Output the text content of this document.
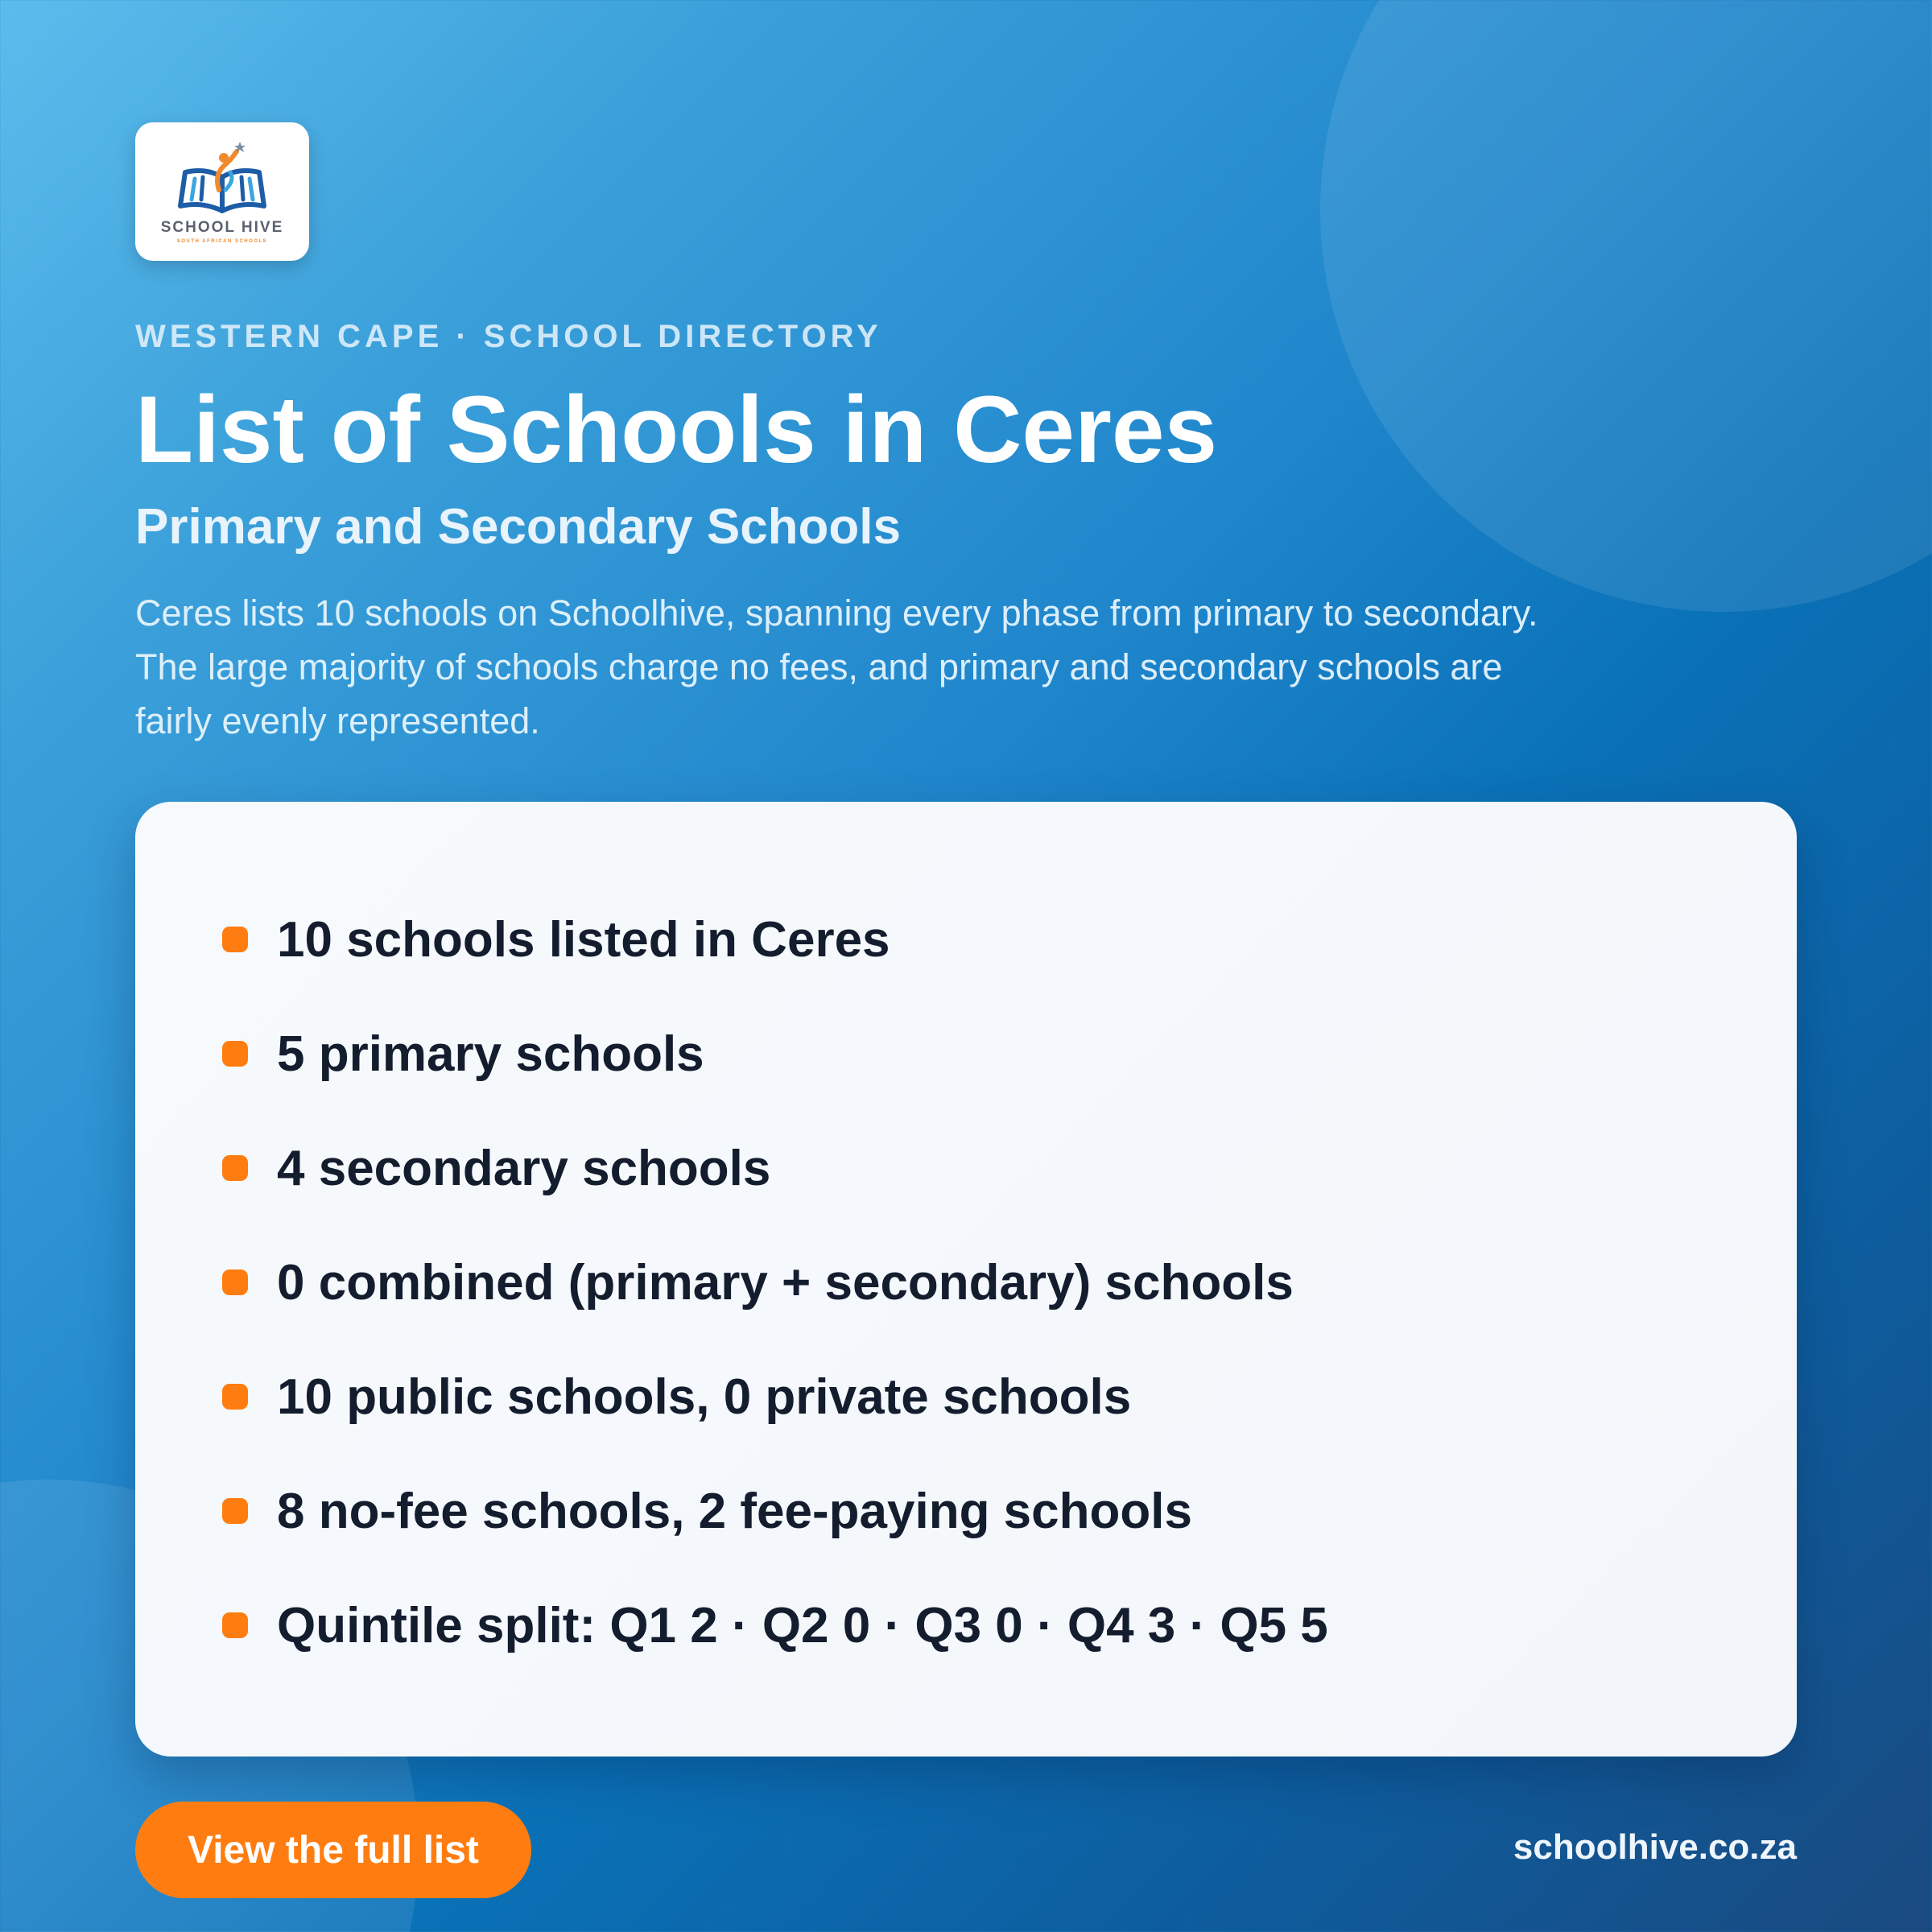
SCHOOL HIVE
SOUTH AFRICAN SCHOOLS
WESTERN CAPE · SCHOOL DIRECTORY
List of Schools in Ceres
Primary and Secondary Schools

Ceres lists 10 schools on Schoolhive, spanning every phase from primary to secondary. The large majority of schools charge no fees, and primary and secondary schools are fairly evenly represented.

10 schools listed in Ceres
5 primary schools
4 secondary schools
0 combined (primary + secondary) schools
10 public schools, 0 private schools
8 no-fee schools, 2 fee-paying schools
Quintile split: Q1 2 · Q2 0 · Q3 0 · Q4 3 · Q5 5
View the full list	schoolhive.co.za
